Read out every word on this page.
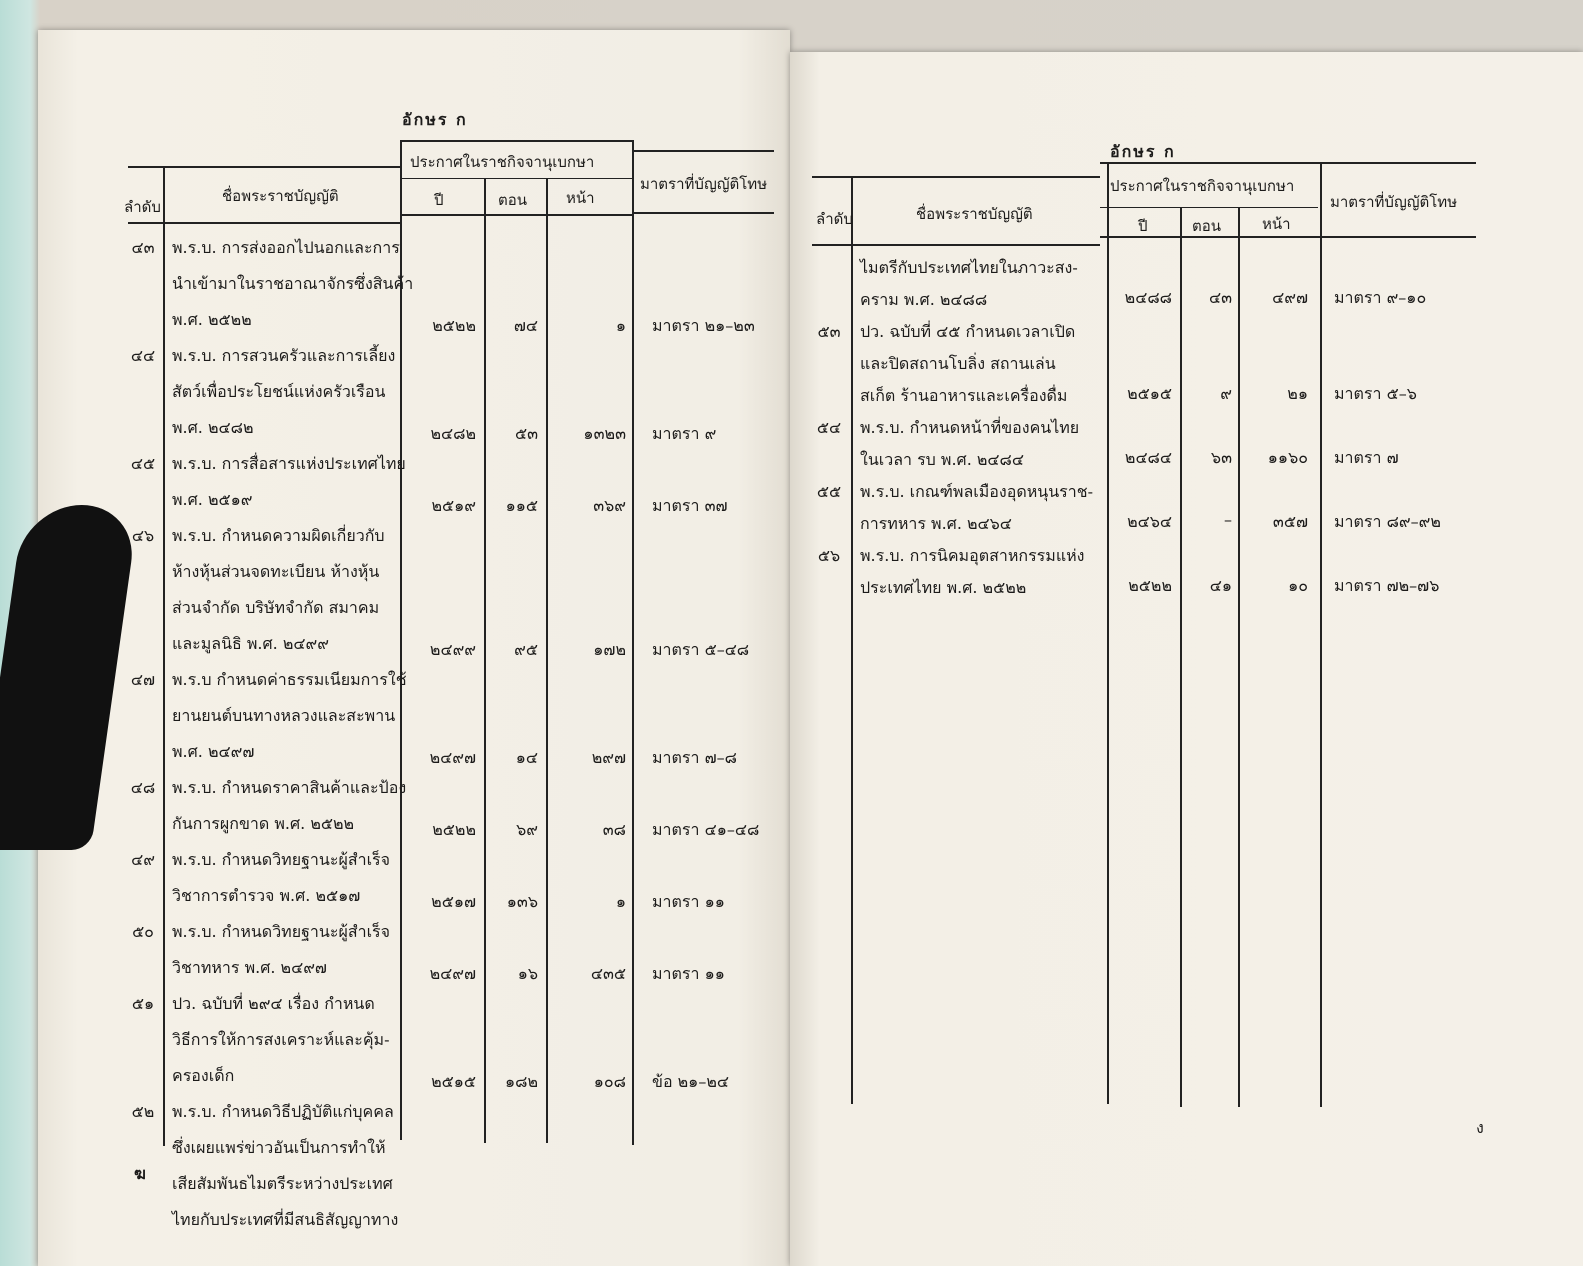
อักษร ก
ลำดับ
ชื่อพระราชบัญญัติ
ประกาศในราชกิจจานุเบกษา
ปี	ตอน	หน้า
มาตราที่บัญญัติโทษ
๔๓ พ.ร.บ. การส่งออกไปนอกและการ
นำเข้ามาในราชอาณาจักรซึ่งสินค้า
พ.ศ. ๒๕๒๒	๒๕๒๒	๗๔	๑ มาตรา ๒๑–๒๓
๔๔ พ.ร.บ. การสวนครัวและการเลี้ยง
สัตว์เพื่อประโยชน์แห่งครัวเรือน
พ.ศ. ๒๔๘๒	๒๔๘๒	๕๓	๑๓๒๓ มาตรา ๙
๔๕ พ.ร.บ. การสื่อสารแห่งประเทศไทย
พ.ศ. ๒๕๑๙	๒๕๑๙	๑๑๕	๓๖๙ มาตรา ๓๗
๔๖ พ.ร.บ. กำหนดความผิดเกี่ยวกับ
ห้างหุ้นส่วนจดทะเบียน ห้างหุ้น
ส่วนจำกัด บริษัทจำกัด สมาคม
และมูลนิธิ พ.ศ. ๒๔๙๙	๒๔๙๙	๙๕	๑๗๒ มาตรา ๕–๔๘
๔๗ พ.ร.บ กำหนดค่าธรรมเนียมการใช้
ยานยนต์บนทางหลวงและสะพาน
พ.ศ. ๒๔๙๗	๒๔๙๗	๑๔	๒๙๗ มาตรา ๗–๘
๔๘ พ.ร.บ. กำหนดราคาสินค้าและป้อง
กันการผูกขาด พ.ศ. ๒๕๒๒	๒๕๒๒	๖๙	๓๘ มาตรา ๔๑–๔๘
๔๙ พ.ร.บ. กำหนดวิทยฐานะผู้สำเร็จ
วิชาการตำรวจ พ.ศ. ๒๕๑๗	๒๕๑๗	๑๓๖	๑ มาตรา ๑๑
๕๐ พ.ร.บ. กำหนดวิทยฐานะผู้สำเร็จ
วิชาทหาร พ.ศ. ๒๔๙๗	๒๔๙๗	๑๖	๔๓๕ มาตรา ๑๑
๕๑ ปว. ฉบับที่ ๒๙๔ เรื่อง กำหนด
วิธีการให้การสงเคราะห์และคุ้ม-
ครองเด็ก	๒๕๑๕	๑๘๒	๑๐๘ ข้อ ๒๑–๒๔
๕๒ พ.ร.บ. กำหนดวิธีปฏิบัติแก่บุคคล
ซึ่งเผยแพร่ข่าวอันเป็นการทำให้
เสียสัมพันธไมตรีระหว่างประเทศ
ไทยกับประเทศที่มีสนธิสัญญาทาง
ฆ
อักษร ก
ลำดับ	ชื่อพระราชบัญญัติ
ประกาศในราชกิจจานุเบกษา
ปี	ตอน	หน้า
มาตราที่บัญญัติโทษ
ไมตรีกับประเทศไทยในภาวะสง-
คราม พ.ศ. ๒๔๘๘	๒๔๘๘	๔๓	๔๙๗ มาตรา ๙–๑๐
๕๓ ปว. ฉบับที่ ๔๕ กำหนดเวลาเปิด
และปิดสถานโบลิ่ง สถานเล่น
สเก็ต ร้านอาหารและเครื่องดื่ม	๒๕๑๕	๙	๒๑ มาตรา ๕–๖
๕๔ พ.ร.บ. กำหนดหน้าที่ของคนไทย
ในเวลา รบ พ.ศ. ๒๔๘๔	๒๔๘๔	๖๓	๑๑๖๐ มาตรา ๗
๕๕ พ.ร.บ. เกณฑ์พลเมืองอุดหนุนราช-
การทหาร พ.ศ. ๒๔๖๔	๒๔๖๔	–	๓๕๗ มาตรา ๘๙–๙๒
๕๖ พ.ร.บ. การนิคมอุตสาหกรรมแห่ง
ประเทศไทย พ.ศ. ๒๕๒๒	๒๕๒๒	๔๑	๑๐ มาตรา ๗๒–๗๖
ง
